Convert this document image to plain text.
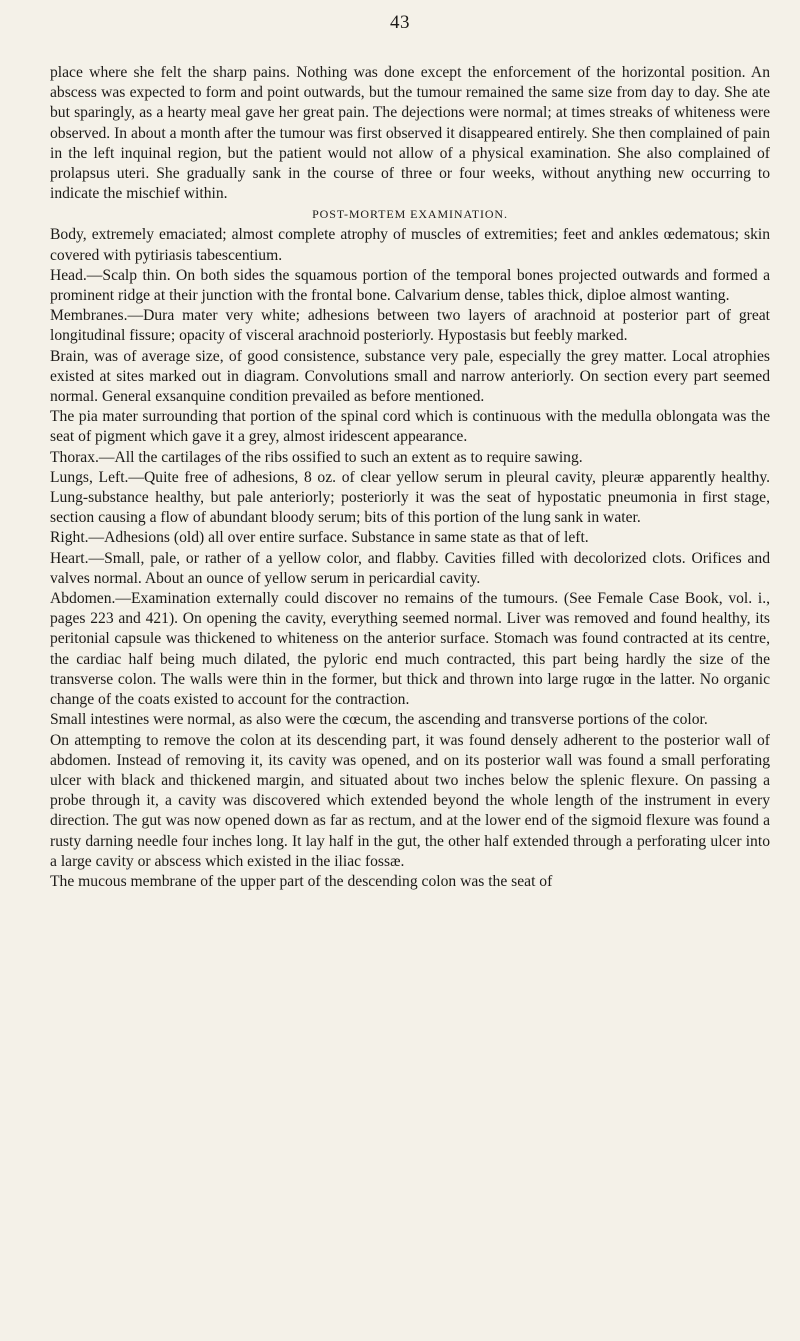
43

place where she felt the sharp pains. Nothing was done except the enforcement of the horizontal position. An abscess was expected to form and point outwards, but the tumour remained the same size from day to day. She ate but sparingly, as a hearty meal gave her great pain. The dejections were normal; at times streaks of whiteness were observed. In about a month after the tumour was first observed it disappeared entirely. She then complained of pain in the left inquinal region, but the patient would not allow of a physical examination. She also complained of prolapsus uteri. She gradually sank in the course of three or four weeks, without anything new occurring to indicate the mischief within.

POST-MORTEM EXAMINATION.

Body, extremely emaciated; almost complete atrophy of muscles of extremities; feet and ankles œdematous; skin covered with pytiriasis tabescentium.

Head.—Scalp thin. On both sides the squamous portion of the temporal bones projected outwards and formed a prominent ridge at their junction with the frontal bone. Calvarium dense, tables thick, diploe almost wanting.

Membranes.—Dura mater very white; adhesions between two layers of arachnoid at posterior part of great longitudinal fissure; opacity of visceral arachnoid posteriorly. Hypostasis but feebly marked.

Brain, was of average size, of good consistence, substance very pale, especially the grey matter. Local atrophies existed at sites marked out in diagram. Convolutions small and narrow anteriorly. On section every part seemed normal. General exsanquine condition prevailed as before mentioned.

The pia mater surrounding that portion of the spinal cord which is continuous with the medulla oblongata was the seat of pigment which gave it a grey, almost iridescent appearance.

Thorax.—All the cartilages of the ribs ossified to such an extent as to require sawing.

Lungs, Left.—Quite free of adhesions, 8 oz. of clear yellow serum in pleural cavity, pleuræ apparently healthy. Lung-substance healthy, but pale anteriorly; posteriorly it was the seat of hypostatic pneumonia in first stage, section causing a flow of abundant bloody serum; bits of this portion of the lung sank in water.

Right.—Adhesions (old) all over entire surface. Substance in same state as that of left.

Heart.—Small, pale, or rather of a yellow color, and flabby. Cavities filled with decolorized clots. Orifices and valves normal. About an ounce of yellow serum in pericardial cavity.

Abdomen.—Examination externally could discover no remains of the tumours. (See Female Case Book, vol. i., pages 223 and 421). On opening the cavity, everything seemed normal. Liver was removed and found healthy, its peritonial capsule was thickened to whiteness on the anterior surface. Stomach was found contracted at its centre, the cardiac half being much dilated, the pyloric end much contracted, this part being hardly the size of the transverse colon. The walls were thin in the former, but thick and thrown into large rugœ in the latter. No organic change of the coats existed to account for the contraction.

Small intestines were normal, as also were the cœcum, the ascending and transverse portions of the color.

On attempting to remove the colon at its descending part, it was found densely adherent to the posterior wall of abdomen. Instead of removing it, its cavity was opened, and on its posterior wall was found a small perforating ulcer with black and thickened margin, and situated about two inches below the splenic flexure. On passing a probe through it, a cavity was discovered which extended beyond the whole length of the instrument in every direction. The gut was now opened down as far as rectum, and at the lower end of the sigmoid flexure was found a rusty darning needle four inches long. It lay half in the gut, the other half extended through a perforating ulcer into a large cavity or abscess which existed in the iliac fossæ.

The mucous membrane of the upper part of the descending colon was the seat of
